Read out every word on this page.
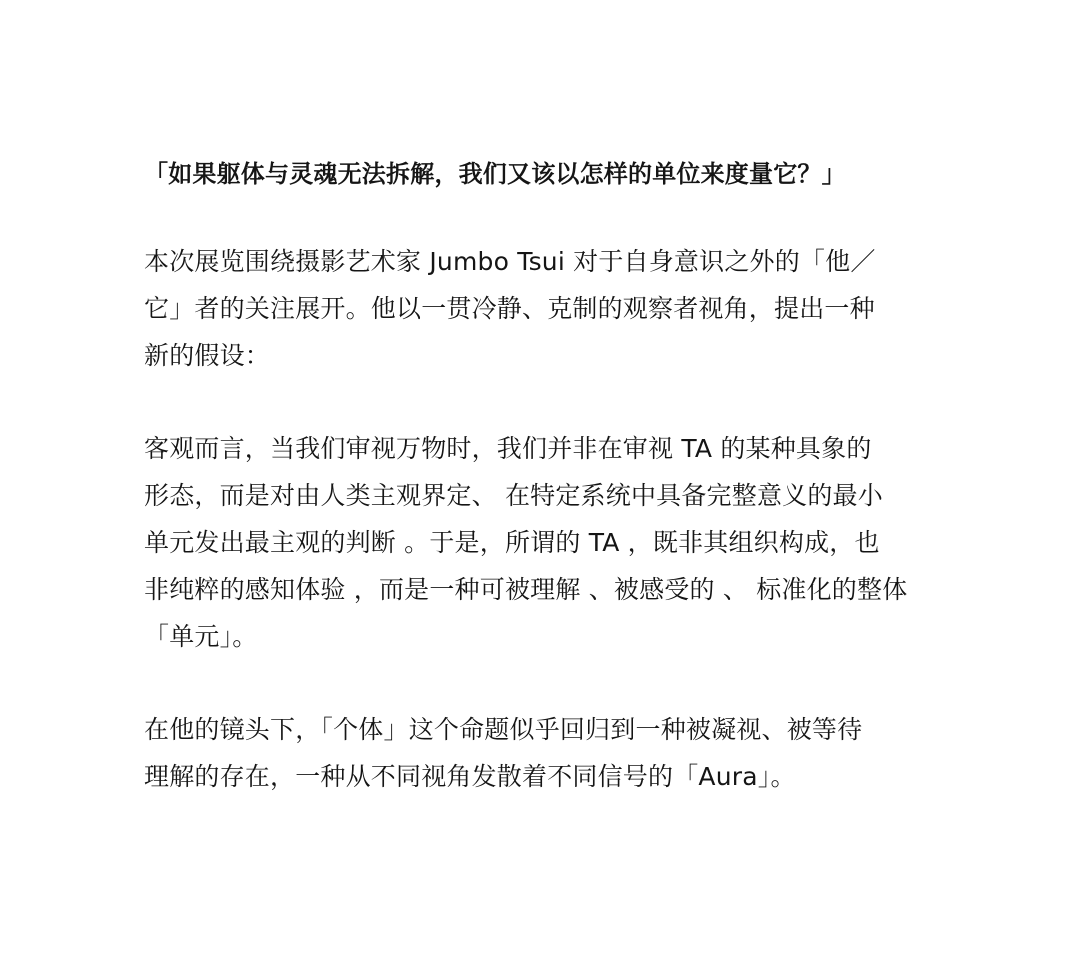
「如果躯体与灵魂无法拆解，我们又该以怎样的单位来度量它？」

本次展览围绕摄影艺术家 Jumbo Tsui 对于自身意识之外的「他／
它」者的关注展开。他以一贯冷静、克制的观察者视角，提出一种
新的假设：

客观而言，当我们审视万物时，我们并非在审视 TA 的某种具象的
形态，而是对由人类主观界定、 在特定系统中具备完整意义的最小
单元发出最主观的判断 。于是，所谓的 TA ，既非其组织构成，也
非纯粹的感知体验 ，而是一种可被理解 、被感受的 、 标准化的整体
「单元」。

在他的镜头下，「个体」这个命题似乎回归到一种被凝视、被等待
理解的存在，一种从不同视角发散着不同信号的「Aura」。
